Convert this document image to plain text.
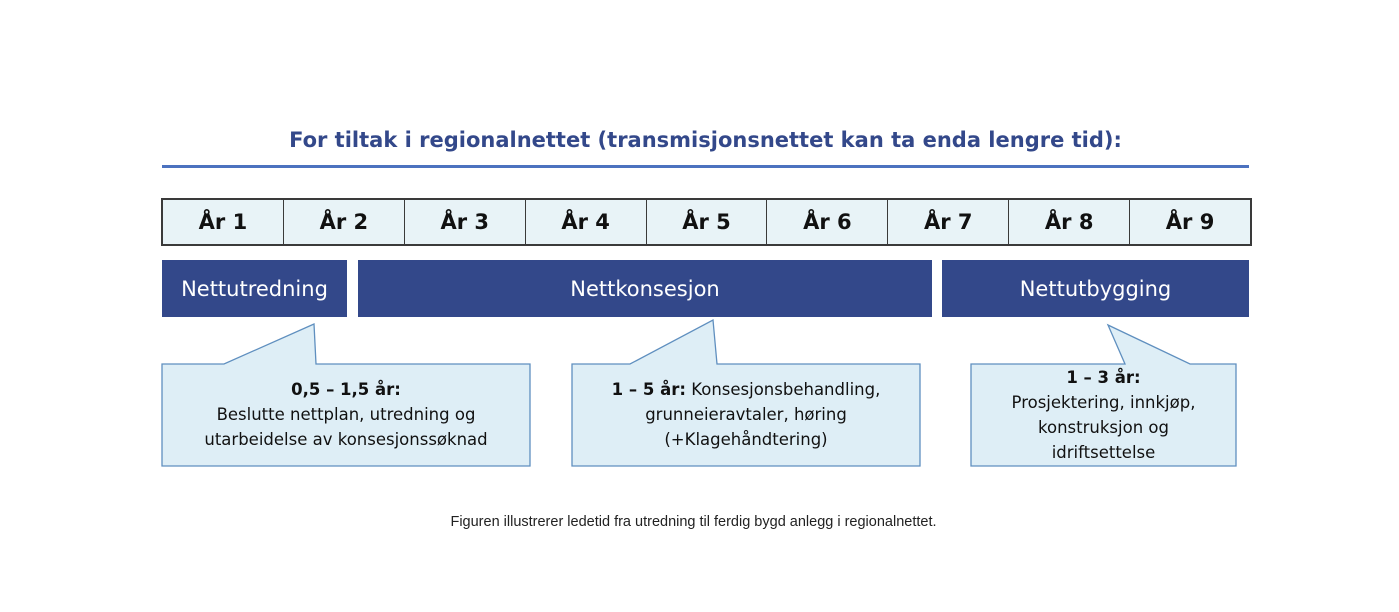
For tiltak i regionalnettet (transmisjonsnettet kan ta enda lengre tid):
År 1	År 2	År 3	År 4	År 5	År 6	År 7	År 8	År 9
Nettutredning	Nettkonsesjon	Nettutbygging
0,5 – 1,5 år:
Beslutte nettplan, utredning og
utarbeidelse av konsesjonssøknad
1 – 5 år: Konsesjonsbehandling,
grunneieravtaler, høring
(+Klagehåndtering)
1 – 3 år:
Prosjektering, innkjøp,
konstruksjon og
idriftsettelse
Figuren illustrerer ledetid fra utredning til ferdig bygd anlegg i regionalnettet.
